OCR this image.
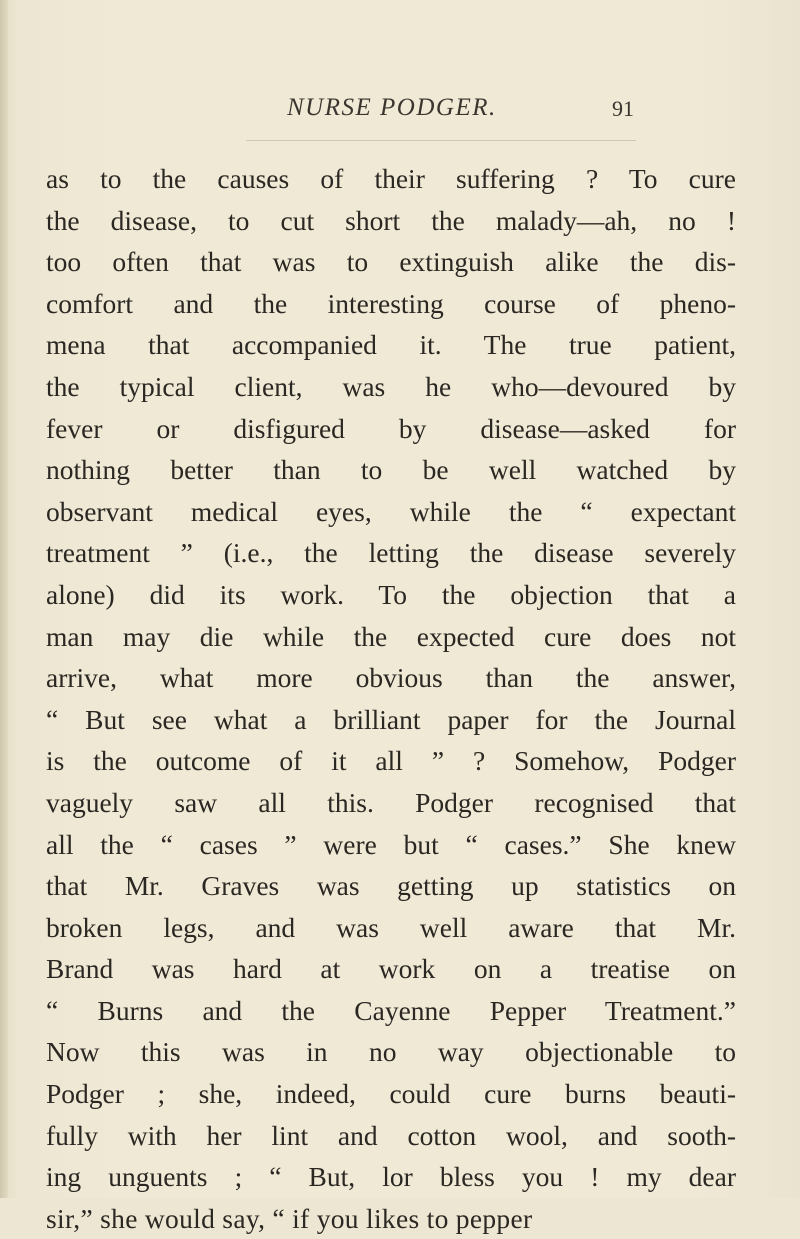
NURSE PODGER.	91
as to the causes of their suffering ? To cure
the disease, to cut short the malady—ah, no !
too often that was to extinguish alike the dis-
comfort and the interesting course of pheno-
mena that accompanied it. The true patient,
the typical client, was he who—devoured by
fever or disfigured by disease—asked for
nothing better than to be well watched by
observant medical eyes, while the “ expectant
treatment ” (i.e., the letting the disease severely
alone) did its work. To the objection that a
man may die while the expected cure does not
arrive, what more obvious than the answer,
“ But see what a brilliant paper for the Journal
is the outcome of it all ” ? Somehow, Podger
vaguely saw all this. Podger recognised that
all the “ cases ” were but “ cases.” She knew
that Mr. Graves was getting up statistics on
broken legs, and was well aware that Mr.
Brand was hard at work on a treatise on
“ Burns and the Cayenne Pepper Treatment.”
Now this was in no way objectionable to
Podger ; she, indeed, could cure burns beauti-
fully with her lint and cotton wool, and sooth-
ing unguents ; “ But, lor bless you ! my dear
sir,” she would say, “ if you likes to pepper
